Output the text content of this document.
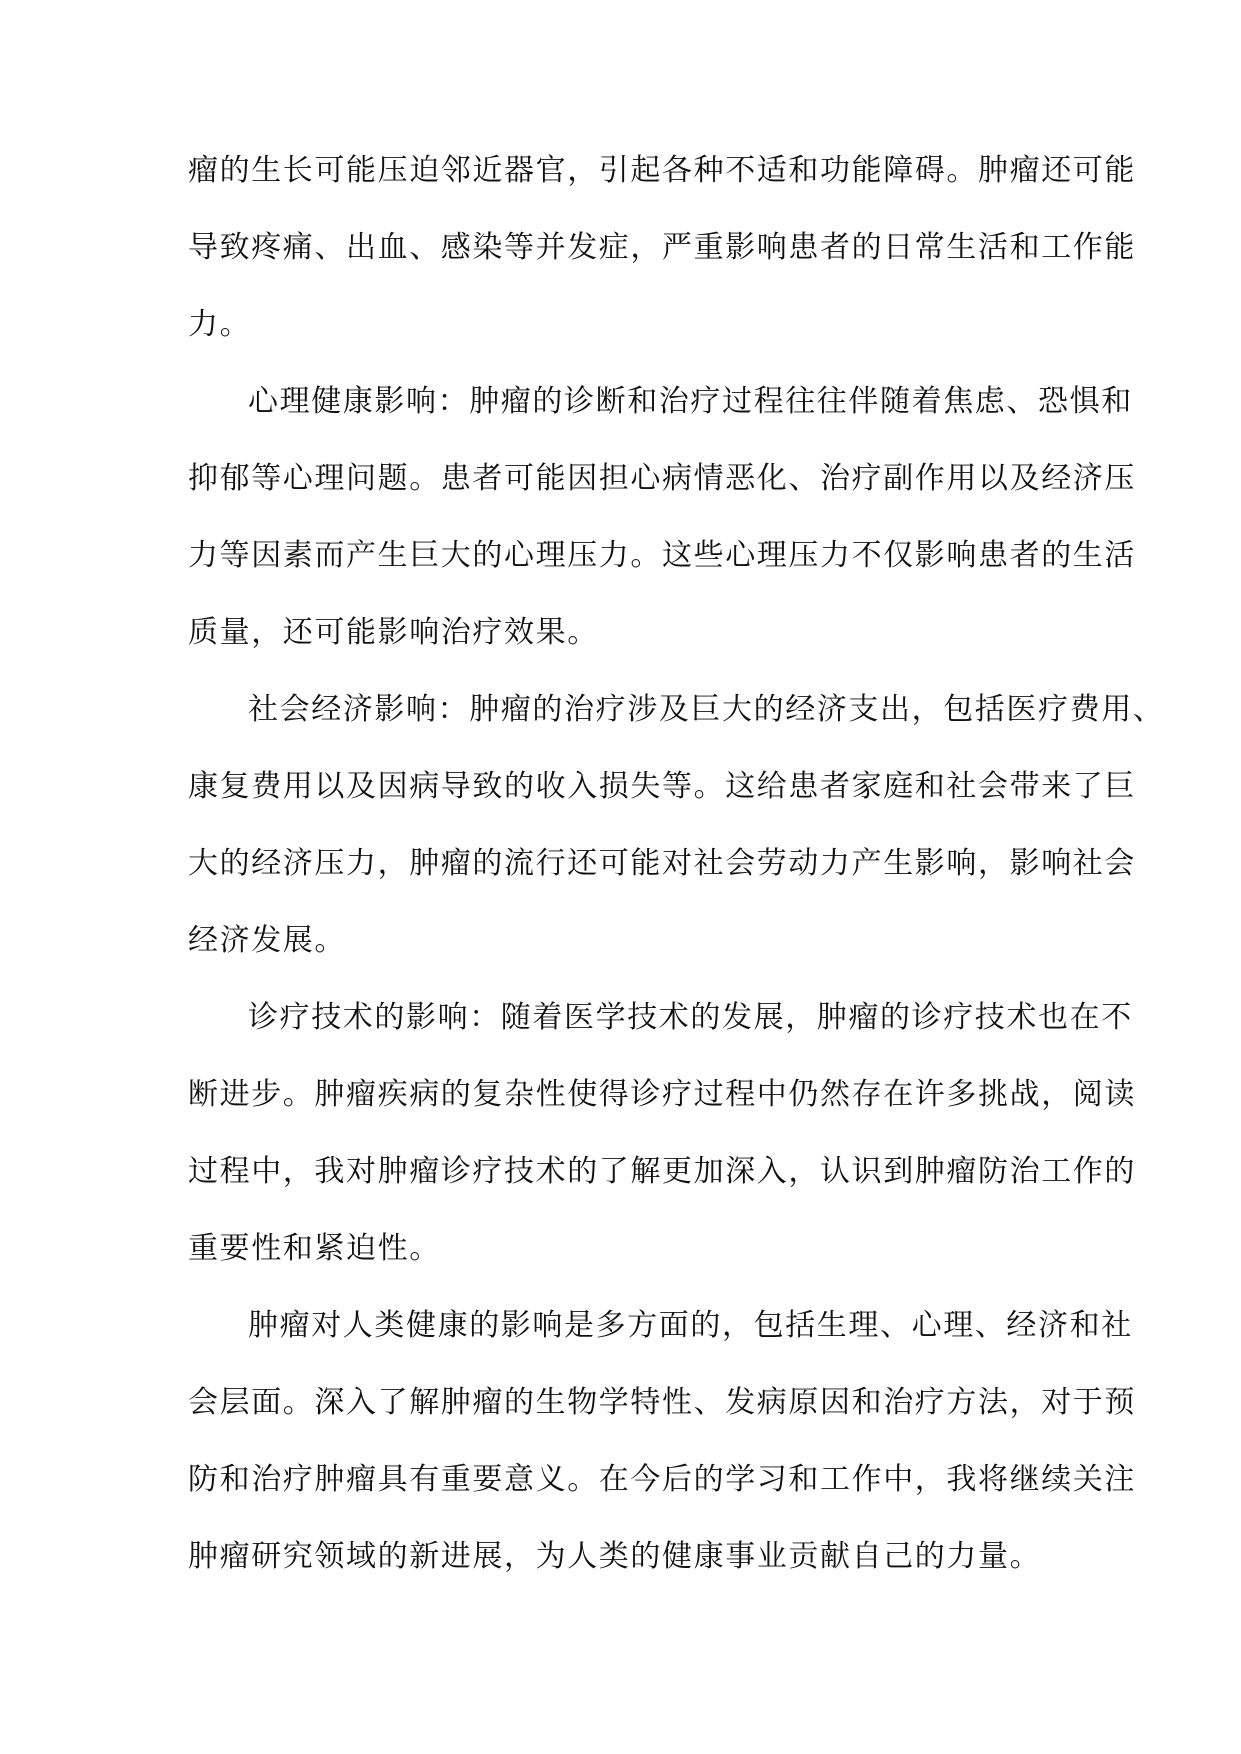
瘤的生长可能压迫邻近器官，引起各种不适和功能障碍。肿瘤还可能
导致疼痛、出血、感染等并发症，严重影响患者的日常生活和工作能
力。
心理健康影响：肿瘤的诊断和治疗过程往往伴随着焦虑、恐惧和
抑郁等心理问题。患者可能因担心病情恶化、治疗副作用以及经济压
力等因素而产生巨大的心理压力。这些心理压力不仅影响患者的生活
质量，还可能影响治疗效果。
社会经济影响：肿瘤的治疗涉及巨大的经济支出，包括医疗费用、
康复费用以及因病导致的收入损失等。这给患者家庭和社会带来了巨
大的经济压力，肿瘤的流行还可能对社会劳动力产生影响，影响社会
经济发展。
诊疗技术的影响：随着医学技术的发展，肿瘤的诊疗技术也在不
断进步。肿瘤疾病的复杂性使得诊疗过程中仍然存在许多挑战，阅读
过程中，我对肿瘤诊疗技术的了解更加深入，认识到肿瘤防治工作的
重要性和紧迫性。
肿瘤对人类健康的影响是多方面的，包括生理、心理、经济和社
会层面。深入了解肿瘤的生物学特性、发病原因和治疗方法，对于预
防和治疗肿瘤具有重要意义。在今后的学习和工作中，我将继续关注
肿瘤研究领域的新进展，为人类的健康事业贡献自己的力量。
